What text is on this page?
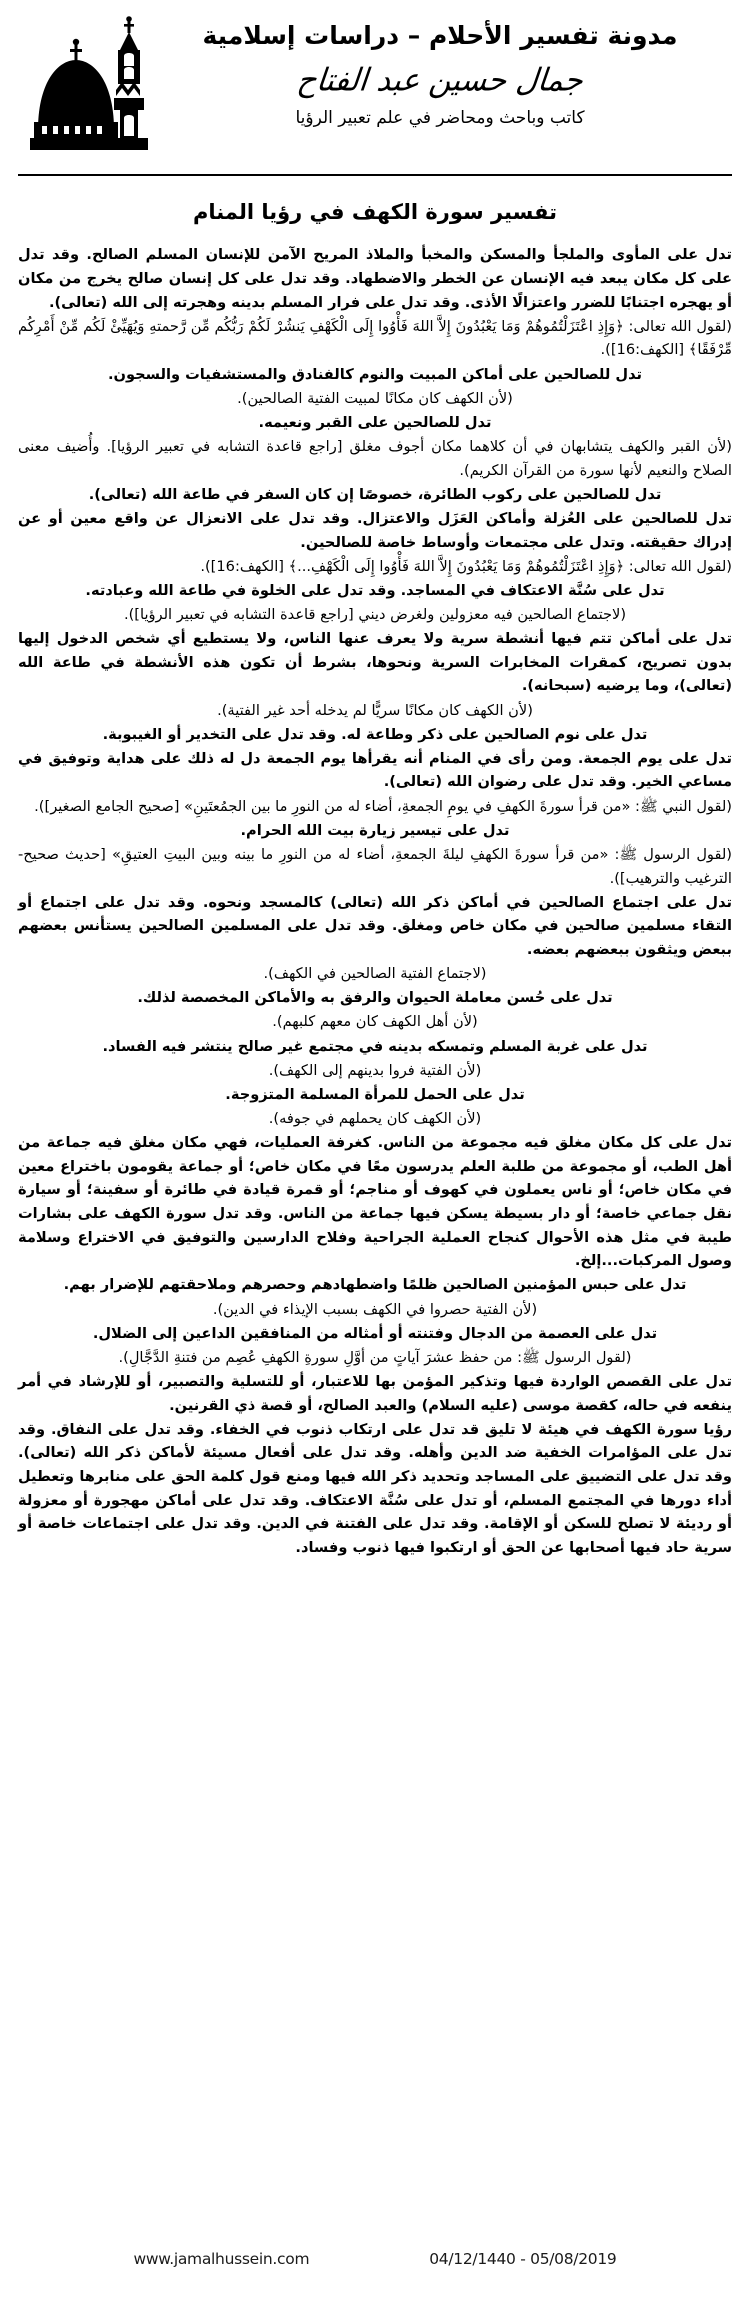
مدونة تفسير الأحلام – دراسات إسلامية
جمال حسين عبد الفتاح
كاتب وباحث ومحاضر في علم تعبير الرؤيا
تفسير سورة الكهف في رؤيا المنام

تدل على المأوى والملجأ والمسكن والمخبأ والملاذ المريح الآمن للإنسان المسلم الصالح. وقد تدل على كل مكان يبعد فيه الإنسان عن الخطر والاضطهاد. وقد تدل على كل إنسان صالح يخرج من مكان أو يهجره اجتنابًا للضرر واعتزالًا الأذى. وقد تدل على فرار المسلم بدينه وهجرته إلى الله (تعالى).

(لقول الله تعالى: ﴿وَإِذِ اعْتَزَلْتُمُوهُمْ وَمَا يَعْبُدُونَ إِلاَّ اللهَ فَأْوُوا إِلَى الْكَهْفِ يَنشُرْ لَكُمْ رَبُّكُم مِّن رَّحمتهِ وَيُهَيِّئْ لَكُم مِّنْ أَمْرِكُم مِّرْفَقًا﴾ [الكهف:16]).

تدل للصالحين على أماكن المبيت والنوم كالفنادق والمستشفيات والسجون.

(لأن الكهف كان مكانًا لمبيت الفتية الصالحين).

تدل للصالحين على القبر ونعيمه.

(لأن القبر والكهف يتشابهان في أن كلاهما مكان أجوف مغلق [راجع قاعدة التشابه في تعبير الرؤيا]. وأُضيف معنى الصلاح والنعيم لأنها سورة من القرآن الكريم).

تدل للصالحين على ركوب الطائرة، خصوصًا إن كان السفر في طاعة الله (تعالى).

تدل للصالحين على العُزلة وأماكن العَزَل والاعتزال. وقد تدل على الانعزال عن واقع معين أو عن إدراك حقيقته. وتدل على مجتمعات وأوساط خاصة للصالحين.

(لقول الله تعالى: ﴿وَإِذِ اعْتَزَلْتُمُوهُمْ وَمَا يَعْبُدُونَ إِلاَّ اللهَ فَأْوُوا إِلَى الْكَهْفِ...﴾ [الكهف:16]).

تدل على سُنَّة الاعتكاف في المساجد. وقد تدل على الخلوة في طاعة الله وعبادته.

(لاجتماع الصالحين فيه معزولين ولغرض ديني [راجع قاعدة التشابه في تعبير الرؤيا]).

تدل على أماكن تتم فيها أنشطة سرية ولا يعرف عنها الناس، ولا يستطيع أي شخص الدخول إليها بدون تصريح، كمقرات المخابرات السرية ونحوها، بشرط أن تكون هذه الأنشطة في طاعة الله (تعالى)، وما يرضيه (سبحانه).

(لأن الكهف كان مكانًا سريًّا لم يدخله أحد غير الفتية).

تدل على نوم الصالحين على ذكر وطاعة له. وقد تدل على التخدير أو الغيبوبة.

تدل على يوم الجمعة. ومن رأى في المنام أنه يقرأها يوم الجمعة دل له ذلك على هداية وتوفيق في مساعي الخير. وقد تدل على رضوان الله (تعالى).

(لقول النبي ﷺ: «من قرأ سورةَ الكهفِ في يومِ الجمعةِ، أضاء له من النورِ ما بين الجمُعتَينِ» [صحيح الجامع الصغير]).

تدل على تيسير زيارة بيت الله الحرام.

(لقول الرسول ﷺ: «من قرأ سورةَ الكهفِ ليلةَ الجمعةِ، أضاء له من النورِ ما بينه وبين البيتِ العتيقِ» [حديث صحيح-الترغيب والترهيب]).

تدل على اجتماع الصالحين في أماكن ذكر الله (تعالى) كالمسجد ونحوه. وقد تدل على اجتماع أو التقاء مسلمين صالحين في مكان خاص ومغلق. وقد تدل على المسلمين الصالحين يستأنس بعضهم ببعض ويثقون ببعضهم بعضه.

(لاجتماع الفتية الصالحين في الكهف).

تدل على حُسن معاملة الحيوان والرفق به والأماكن المخصصة لذلك.

(لأن أهل الكهف كان معهم كلبهم).

تدل على غربة المسلم وتمسكه بدينه في مجتمع غير صالح ينتشر فيه الفساد.

(لأن الفتية فروا بدينهم إلى الكهف).

تدل على الحمل للمرأة المسلمة المتزوجة.

(لأن الكهف كان يحملهم في جوفه).

تدل على كل مكان مغلق فيه مجموعة من الناس. كغرفة العمليات، فهي مكان مغلق فيه جماعة من أهل الطب، أو مجموعة من طلبة العلم يدرسون معًا في مكان خاص؛ أو جماعة يقومون باختراع معين في مكان خاص؛ أو ناس يعملون في كهوف أو مناجم؛ أو قمرة قيادة في طائرة أو سفينة؛ أو سيارة نقل جماعي خاصة؛ أو دار بسيطة يسكن فيها جماعة من الناس. وقد تدل سورة الكهف على بشارات طيبة في مثل هذه الأحوال كنجاح العملية الجراحية وفلاح الدارسين والتوفيق في الاختراع وسلامة وصول المركبات...إلخ.

تدل على حبس المؤمنين الصالحين ظلمًا واضطهادهم وحصرهم وملاحقتهم للإضرار بهم.

(لأن الفتية حصروا في الكهف بسبب الإيذاء في الدين).

تدل على العصمة من الدجال وفتنته أو أمثاله من المنافقين الداعين إلى الضلال.

(لقول الرسول ﷺ: من حفظ عشرَ آياتٍ من أوَّلِ سورةِ الكهفِ عُصِم من فتنةِ الدَّجَّالِ).

تدل على القصص الواردة فيها وتذكير المؤمن بها للاعتبار، أو للتسلية والتصبير، أو للإرشاد في أمر ينفعه في حاله، كقصة موسى (عليه السلام) والعبد الصالح، أو قصة ذي القرنين.

رؤيا سورة الكهف في هيئة لا تليق قد تدل على ارتكاب ذنوب في الخفاء. وقد تدل على النفاق. وقد تدل على المؤامرات الخفية ضد الدين وأهله. وقد تدل على أفعال مسيئة لأماكن ذكر الله (تعالى). وقد تدل على التضييق على المساجد وتحديد ذكر الله فيها ومنع قول كلمة الحق على منابرها وتعطيل أداء دورها في المجتمع المسلم، أو تدل على سُنَّة الاعتكاف. وقد تدل على أماكن مهجورة أو معزولة أو رديئة لا تصلح للسكن أو الإقامة. وقد تدل على الفتنة في الدين. وقد تدل على اجتماعات خاصة أو سرية حاد فيها أصحابها عن الحق أو ارتكبوا فيها ذنوب وفساد.

www.jamalhussein.com	04/12/1440 - 05/08/2019
